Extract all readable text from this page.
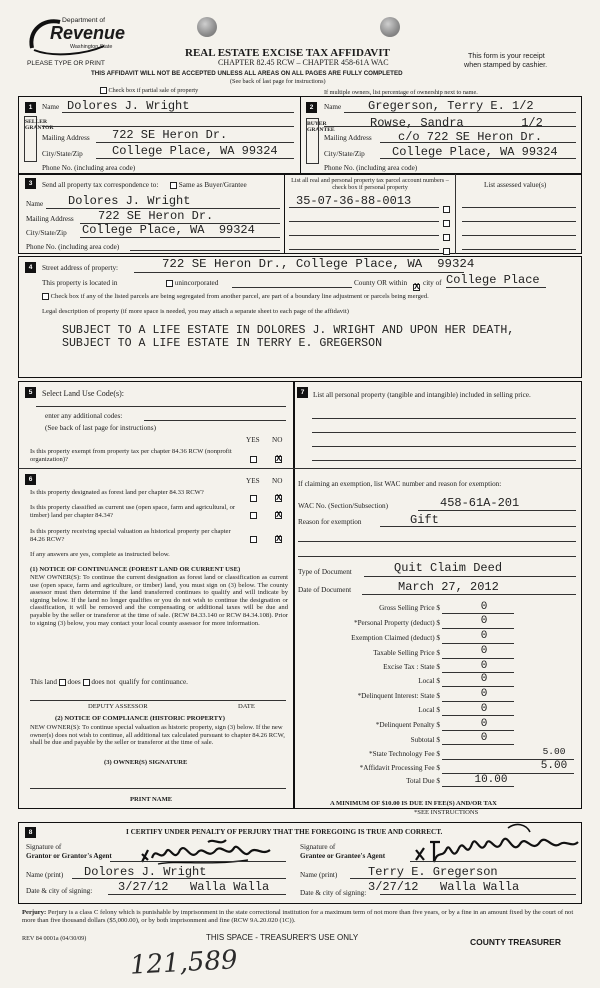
Department of
Revenue
Washington State
PLEASE TYPE OR PRINT
REAL ESTATE EXCISE TAX AFFIDAVIT
CHAPTER 82.45 RCW – CHAPTER 458-61A WAC
THIS AFFIDAVIT WILL NOT BE ACCEPTED UNLESS ALL AREAS ON ALL PAGES ARE FULLY COMPLETED
(See back of last page for instructions)
This form is your receipt
when stamped by cashier.
Check box if partial sale of property	If multiple owners, list percentage of ownership next to name.
1
SELLER
GRANTOR
Name Dolores J. Wright
Mailing Address 722 SE Heron Dr.
City/State/Zip College Place, WA 99324
Phone No. (including area code)
2
BUYER
GRANTEE
Name Gregerson, Terry E. 1/2
Rowse, Sandra        1/2
Mailing Address c/o 722 SE Heron Dr.
City/State/Zip College Place, WA 99324
Phone No. (including area code)
3	Send all property tax correspondence to:	Same as Buyer/Grantee
Name Dolores J. Wright
Mailing Address 722 SE Heron Dr.
City/State/Zip College Place, WA  99324
Phone No. (including area code)
List all real and personal property tax parcel account numbers – check box if personal property	List assessed value(s)
35-07-36-88-0013
4	Street address of property:	722 SE Heron Dr., College Place, WA  99324
This property is located in	unincorporated	County OR within
X city of College Place
Check box if any of the listed parcels are being segregated from another parcel, are part of a boundary line adjustment or parcels being merged.
Legal description of property (if more space is needed, you may attach a separate sheet to each page of the affidavit)
SUBJECT TO A LIFE ESTATE IN DOLORES J. WRIGHT AND UPON HER DEATH,
SUBJECT TO A LIFE ESTATE IN TERRY E. GREGERSON
5	Select Land Use Code(s):
enter any additional codes:
(See back of last page for instructions)
YES NO
Is this property exempt from property tax per chapter 84.36 RCW (nonprofit organization)?
X
6	YES NO
Is this property designated as forest land per chapter 84.33 RCW?
X
Is this property classified as current use (open space, farm and agricultural, or timber) land per chapter 84.34?
X
Is this property receiving special valuation as historical property per chapter 84.26 RCW?
X
If any answers are yes, complete as instructed below.
(1) NOTICE OF CONTINUANCE (FOREST LAND OR CURRENT USE)
NEW OWNER(S): To continue the current designation as forest land or classification as current use (open space, farm and agriculture, or timber) land, you must sign on (3) below. The county assessor must then determine if the land transferred continues to qualify and will indicate by signing below. If the land no longer qualifies or you do not wish to continue the designation or classification, it will be removed and the compensating or additional taxes will be due and payable by the seller or transferor at the time of sale. (RCW 84.33.140 or RCW 84.34.108). Prior to signing (3) below, you may contact your local county assessor for more information.
This land does does not qualify for continuance.
DEPUTY ASSESSOR	DATE
(2) NOTICE OF COMPLIANCE (HISTORIC PROPERTY)
NEW OWNER(S): To continue special valuation as historic property, sign (3) below. If the new owner(s) does not wish to continue, all additional tax calculated pursuant to chapter 84.26 RCW, shall be due and payable by the seller or transferor at the time of sale.
(3) OWNER(S) SIGNATURE
PRINT NAME
7	List all personal property (tangible and intangible) included in selling price.
If claiming an exemption, list WAC number and reason for exemption:
WAC No. (Section/Subsection)	458-61A-201
Reason for exemption	Gift
Type of Document	Quit Claim Deed
Date of Document	March 27, 2012
Gross Selling Price $	0
*Personal Property (deduct) $	0
Exemption Claimed (deduct) $	0
Taxable Selling Price $	0
Excise Tax : State $	0
Local $	0
*Delinquent Interest: State $	0
Local $	0
*Delinquent Penalty $	0
Subtotal $	0
*State Technology Fee $	5.00
*Affidavit Processing Fee $	5.00
Total Due $	10.00
A MINIMUM OF $10.00 IS DUE IN FEE(S) AND/OR TAX
*SEE INSTRUCTIONS
8	I CERTIFY UNDER PENALTY OF PERJURY THAT THE FOREGOING IS TRUE AND CORRECT.
Signature of
Grantor or Grantor's Agent
Name (print) Dolores J. Wright
Date & city of signing: 3/27/12   Walla Walla
Signature of
Grantee or Grantee's Agent
Name (print)	Terry E. Gregerson
Date & city of signing: 3/27/12   Walla Walla
Perjury: Perjury is a class C felony which is punishable by imprisonment in the state correctional institution for a maximum term of not more than five years, or by a fine in an amount fixed by the court of not more than five thousand dollars ($5,000.00), or by both imprisonment and fine (RCW 9A.20.020 (1C)).
REV 84 0001a (04/30/09)	THIS SPACE - TREASURER'S USE ONLY	COUNTY TREASURER
121,589
